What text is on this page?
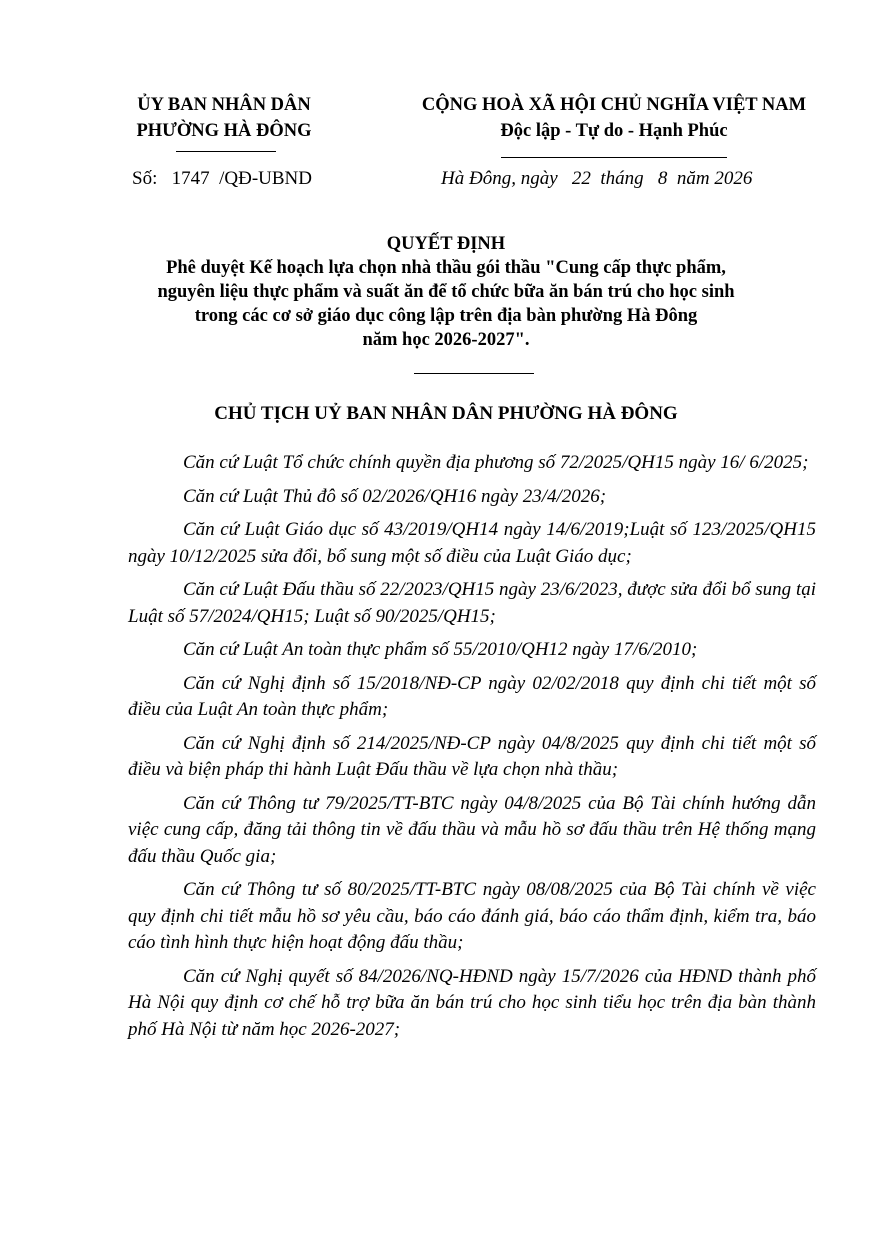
ỦY BAN NHÂN DÂN
PHƯỜNG HÀ ĐÔNG
CỘNG HOÀ XÃ HỘI CHỦ NGHĨA VIỆT NAM
Độc lập - Tự do - Hạnh Phúc
Số:   1747  /QĐ-UBND	Hà Đông, ngày   22  tháng   8  năm 2026
QUYẾT ĐỊNH
Phê duyệt Kế hoạch lựa chọn nhà thầu gói thầu "Cung cấp thực phẩm,
nguyên liệu thực phẩm và suất ăn để tổ chức bữa ăn bán trú cho học sinh
trong các cơ sở giáo dục công lập trên địa bàn phường Hà Đông
năm học 2026-2027".
CHỦ TỊCH UỶ BAN NHÂN DÂN PHƯỜNG HÀ ĐÔNG

Căn cứ Luật Tổ chức chính quyền địa phương số 72/2025/QH15 ngày 16/ 6/2025;

Căn cứ Luật Thủ đô số 02/2026/QH16 ngày 23/4/2026;

Căn cứ Luật Giáo dục số 43/2019/QH14 ngày 14/6/2019;Luật số 123/2025/QH15 ngày 10/12/2025 sửa đổi, bổ sung một số điều của Luật Giáo dục;

Căn cứ Luật Đấu thầu số 22/2023/QH15 ngày 23/6/2023, được sửa đổi bổ sung tại Luật số 57/2024/QH15; Luật số 90/2025/QH15;

Căn cứ Luật An toàn thực phẩm số 55/2010/QH12 ngày 17/6/2010;

Căn cứ Nghị định số 15/2018/NĐ-CP ngày 02/02/2018 quy định chi tiết một số điều của Luật An toàn thực phẩm;

Căn cứ Nghị định số 214/2025/NĐ-CP ngày 04/8/2025 quy định chi tiết một số điều và biện pháp thi hành Luật Đấu thầu về lựa chọn nhà thầu;

Căn cứ Thông tư 79/2025/TT-BTC ngày 04/8/2025 của Bộ Tài chính hướng dẫn việc cung cấp, đăng tải thông tin về đấu thầu và mẫu hồ sơ đấu thầu trên Hệ thống mạng đấu thầu Quốc gia;

Căn cứ Thông tư số 80/2025/TT-BTC ngày 08/08/2025 của Bộ Tài chính về việc quy định chi tiết mẫu hồ sơ yêu cầu, báo cáo đánh giá, báo cáo thẩm định, kiểm tra, báo cáo tình hình thực hiện hoạt động đấu thầu;

Căn cứ Nghị quyết số 84/2026/NQ-HĐND ngày 15/7/2026 của HĐND thành phố Hà Nội quy định cơ chế hỗ trợ bữa ăn bán trú cho học sinh tiểu học trên địa bàn thành phố Hà Nội từ năm học 2026-2027;
